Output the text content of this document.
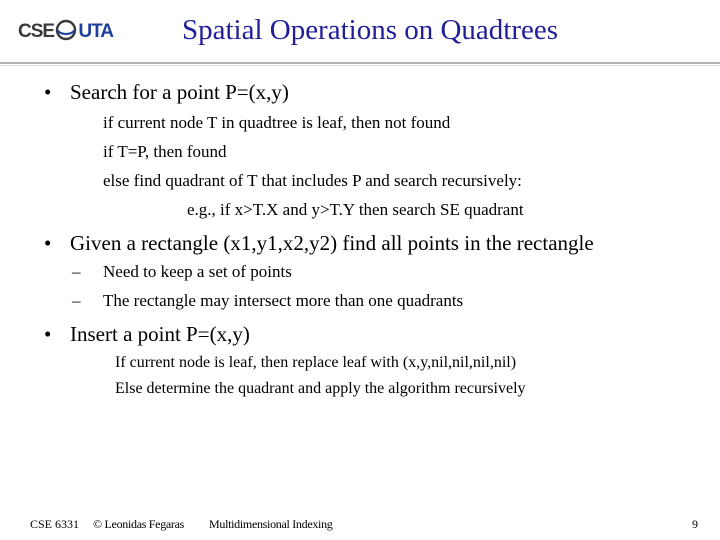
CSE ATU	Spatial Operations on Quadtrees
• Search for a point P=(x,y)
if current node T in quadtree is leaf, then not found
if T=P, then found
else find quadrant of T that includes P and search recursively:
e.g., if x>T.X and y>T.Y then search SE quadrant
• Given a rectangle (x1,y1,x2,y2) find all points in the rectangle
– Need to keep a set of points
– The rectangle may intersect more than one quadrants
• Insert a point P=(x,y)
If current node is leaf, then replace leaf with (x,y,nil,nil,nil,nil)
Else determine the quadrant and apply the algorithm recursively
CSE 6331 © Leonidas Fegaras Multidimensional Indexing	9
